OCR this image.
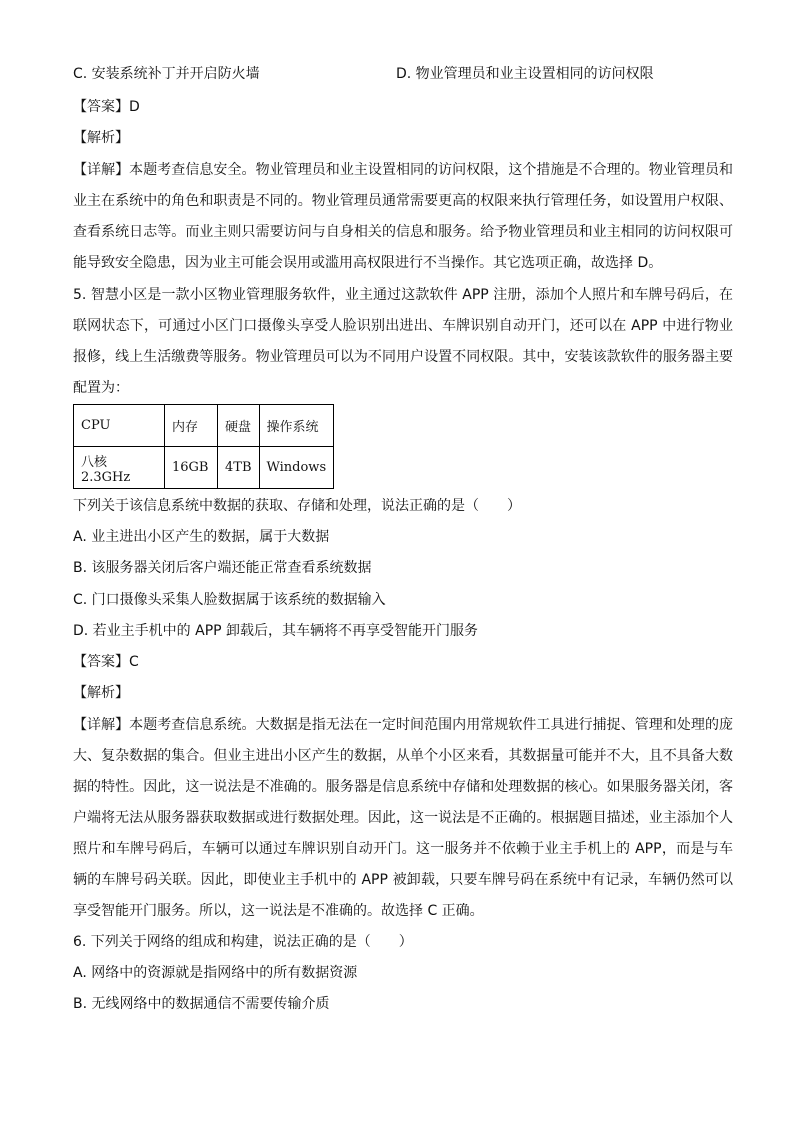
C. 安装系统补丁并开启防火墙	D. 物业管理员和业主设置相同的访问权限
【答案】D
【解析】
【详解】本题考查信息安全。物业管理员和业主设置相同的访问权限，这个措施是不合理的。物业管理员和业主在系统中的角色和职责是不同的。物业管理员通常需要更高的权限来执行管理任务，如设置用户权限、查看系统日志等。而业主则只需要访问与自身相关的信息和服务。给予物业管理员和业主相同的访问权限可能导致安全隐患，因为业主可能会误用或滥用高权限进行不当操作。其它选项正确，故选择 D。
5. 智慧小区是一款小区物业管理服务软件，业主通过这款软件 APP 注册，添加个人照片和车牌号码后，在联网状态下，可通过小区门口摄像头享受人脸识别出进出、车牌识别自动开门，还可以在 APP 中进行物业报修，线上生活缴费等服务。物业管理员可以为不同用户设置不同权限。其中，安装该款软件的服务器主要配置为：
CPU	内存	硬盘	操作系统
八核 2.3GHz	16GB	4TB	Windows
下列关于该信息系统中数据的获取、存储和处理，说法正确的是（　　）
A. 业主进出小区产生的数据，属于大数据
B. 该服务器关闭后客户端还能正常查看系统数据
C. 门口摄像头采集人脸数据属于该系统的数据输入
D. 若业主手机中的 APP 卸载后，其车辆将不再享受智能开门服务
【答案】C
【解析】
【详解】本题考查信息系统。大数据是指无法在一定时间范围内用常规软件工具进行捕捉、管理和处理的庞大、复杂数据的集合。但业主进出小区产生的数据，从单个小区来看，其数据量可能并不大，且不具备大数据的特性。因此，这一说法是不准确的。服务器是信息系统中存储和处理数据的核心。如果服务器关闭，客户端将无法从服务器获取数据或进行数据处理。因此，这一说法是不正确的。根据题目描述，业主添加个人照片和车牌号码后，车辆可以通过车牌识别自动开门。这一服务并不依赖于业主手机上的 APP，而是与车辆的车牌号码关联。因此，即使业主手机中的 APP 被卸载，只要车牌号码在系统中有记录，车辆仍然可以享受智能开门服务。所以，这一说法是不准确的。故选择 C 正确。
6. 下列关于网络的组成和构建，说法正确的是（　　）
A. 网络中的资源就是指网络中的所有数据资源
B. 无线网络中的数据通信不需要传输介质
